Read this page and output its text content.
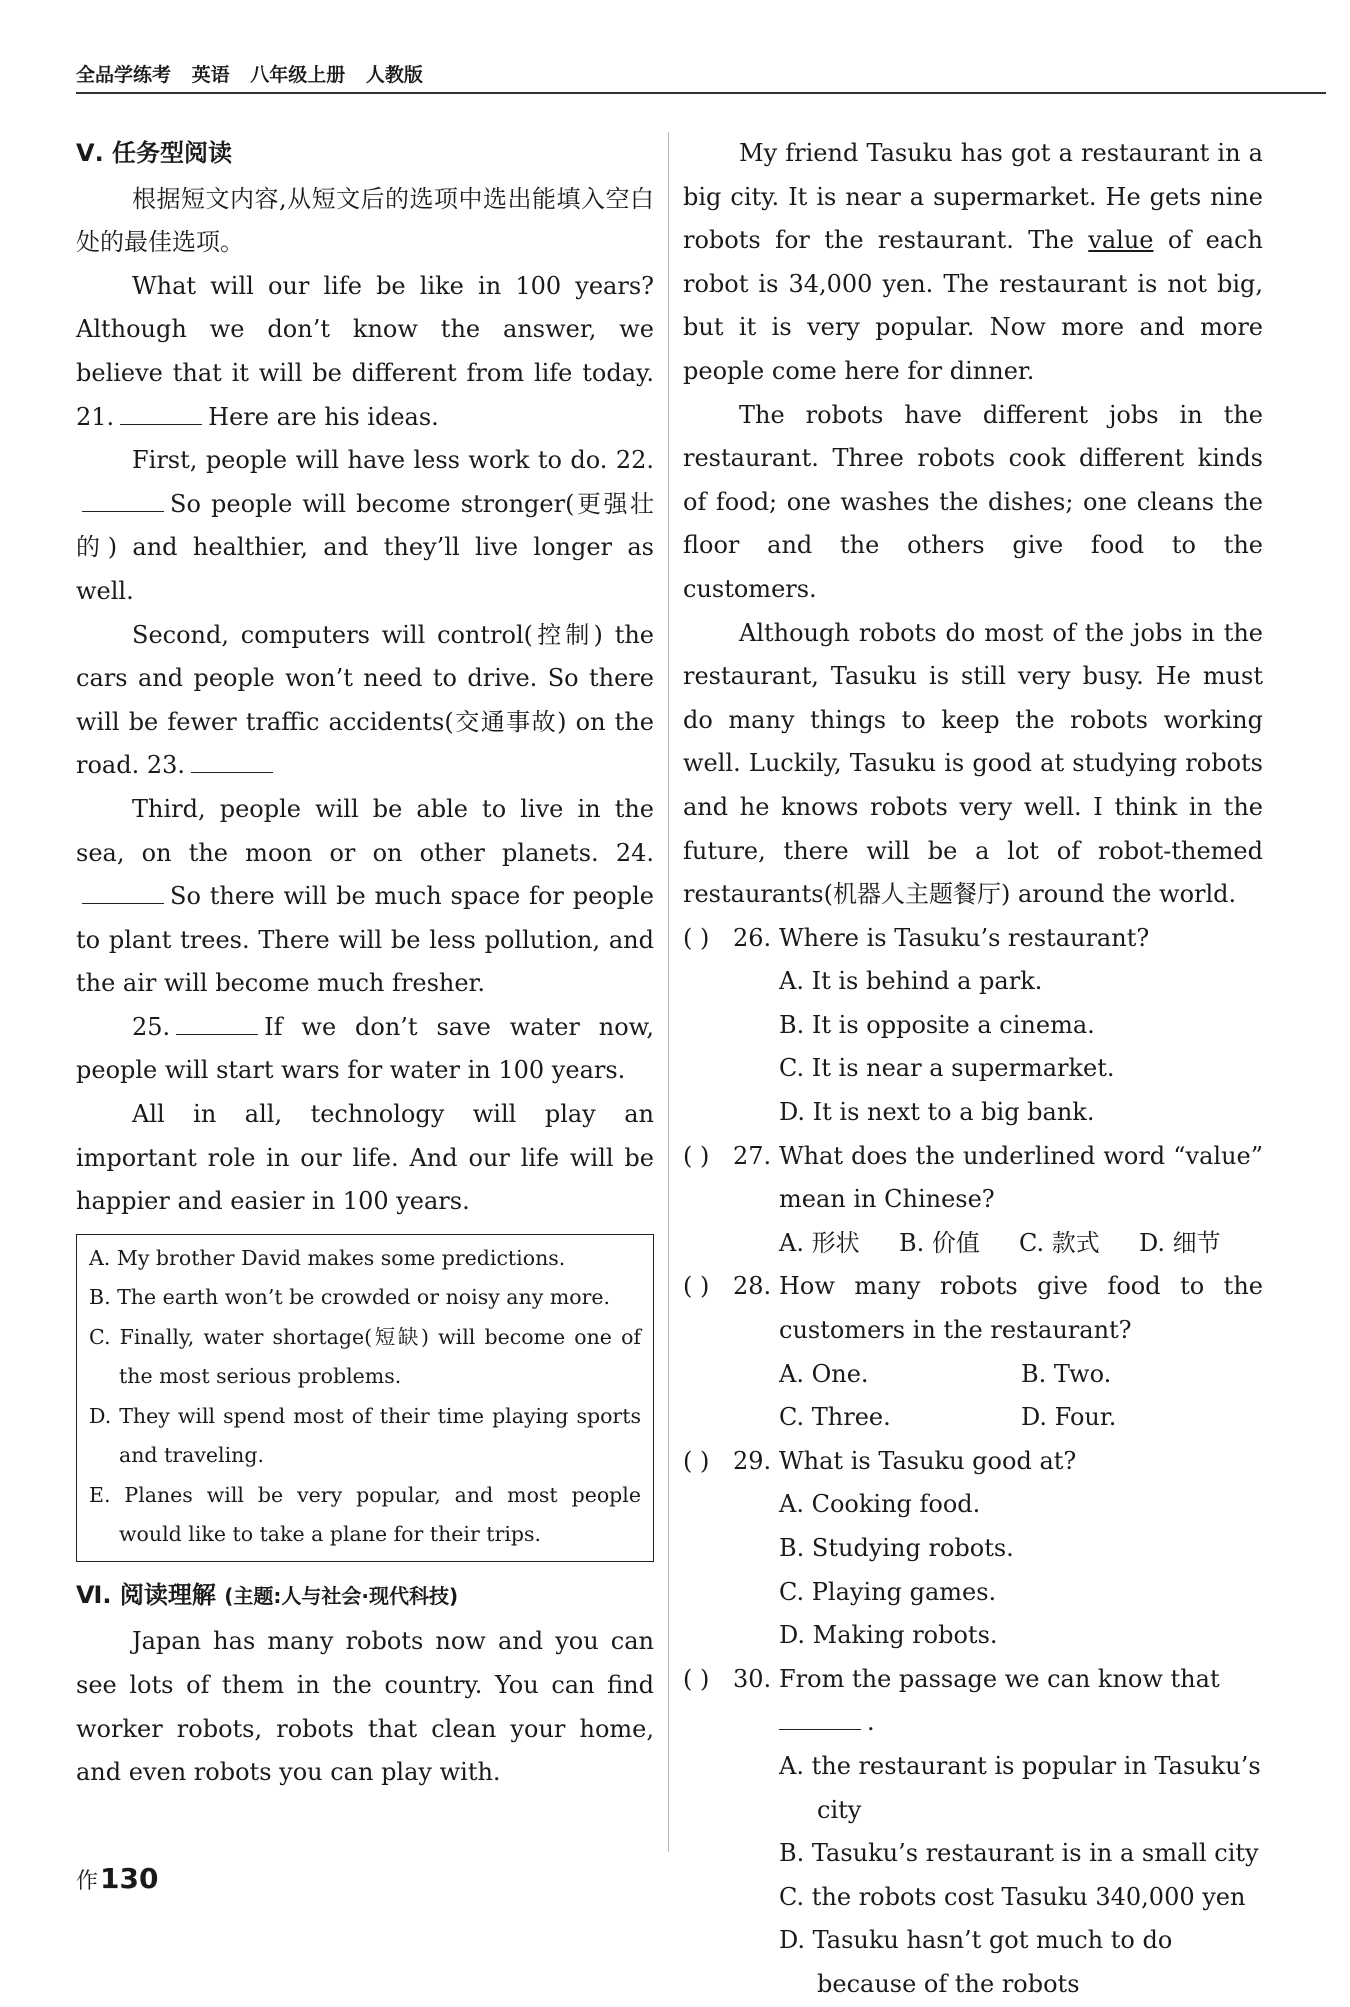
全品学练考 英语 八年级上册 人教版
Ⅴ. 任务型阅读

根据短文内容,从短文后的选项中选出能填入空白处的最佳选项。

What will our life be like in 100 years? Although we don’t know the answer, we believe that it will be different from life today. 21.	Here are his ideas.

First, people will have less work to do. 22.So people will become stronger(更强壮的) and healthier, and they’ll live longer as well.

Second, computers will control(控制) the cars and people won’t need to drive. So there will be fewer traffic accidents(交通事故) on the road. 23.

Third, people will be able to live in the sea, on the moon or on other planets. 24.So there will be much space for people to plant trees. There will be less pollution, and the air will become much fresher.

25.	If we don’t save water now, people will start wars for water in 100 years.

All in all, technology will play an important role in our life. And our life will be happier and easier in 100 years.

A. My brother David makes some predictions.
B. The earth won’t be crowded or noisy any more.
C. Finally, water shortage(短缺) will become one of the most serious problems.
D. They will spend most of their time playing sports and traveling.
E. Planes will be very popular, and most people would like to take a plane for their trips.
Ⅵ. 阅读理解 (主题:人与社会·现代科技)

Japan has many robots now and you can see lots of them in the country. You can find worker robots, robots that clean your home, and even robots you can play with.

My friend Tasuku has got a restaurant in a big city. It is near a supermarket. He gets nine robots for the restaurant. The value of each robot is 34,000 yen. The restaurant is not big, but it is very popular. Now more and more people come here for dinner.

The robots have different jobs in the restaurant. Three robots cook different kinds of food; one washes the dishes; one cleans the floor and the others give food to the customers.

Although robots do most of the jobs in the restaurant, Tasuku is still very busy. He must do many things to keep the robots working well. Luckily, Tasuku is good at studying robots and he knows robots very well. I think in the future, there will be a lot of robot-themed restaurants(机器人主题餐厅) around the world.

( ) 26. Where is Tasuku’s restaurant?
A. It is behind a park.
B. It is opposite a cinema.
C. It is near a supermarket.
D. It is next to a big bank.
( ) 27. What does the underlined word “value” mean in Chinese?
A. 形状	B. 价值	C. 款式	D. 细节
( ) 28. How many robots give food to the customers in the restaurant?
A. One.	B. Two.
C. Three.	D. Four.
( ) 29. What is Tasuku good at?
A. Cooking food.
B. Studying robots.
C. Playing games.
D. Making robots.
( ) 30. From the passage we can know that
.
A. the restaurant is popular in Tasuku’s city
B. Tasuku’s restaurant is in a small city
C. the robots cost Tasuku 340,000 yen
D. Tasuku hasn’t got much to do because of the robots
作130
